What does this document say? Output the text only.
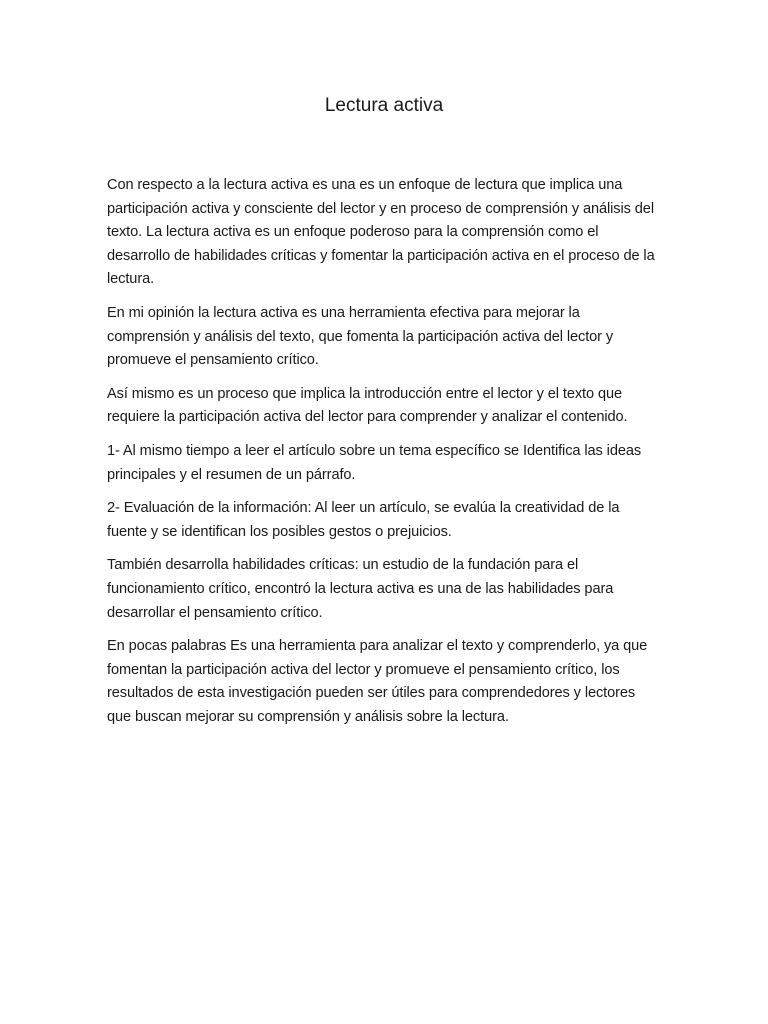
Lectura activa

Con respecto a la lectura activa es una es un enfoque de lectura que implica una participación activa y consciente del lector y en proceso de comprensión y análisis del texto. La lectura activa es un enfoque poderoso para la comprensión como el desarrollo de habilidades críticas y fomentar la participación activa en el proceso de la lectura.

En mi opinión la lectura activa es una herramienta efectiva para mejorar la comprensión y análisis del texto, que fomenta la participación activa del lector y promueve el pensamiento crítico.

Así mismo es un proceso que implica la introducción entre el lector y el texto que requiere la participación activa del lector para comprender y analizar el contenido.

1- Al mismo tiempo a leer el artículo sobre un tema específico se Identifica las ideas principales y el resumen de un párrafo.

2- Evaluación de la información: Al leer un artículo, se evalúa la creatividad de la fuente y se identifican los posibles gestos o prejuicios.

También desarrolla habilidades críticas: un estudio de la fundación para el funcionamiento crítico, encontró la lectura activa es una de las habilidades para desarrollar el pensamiento crítico.

En pocas palabras Es una herramienta para analizar el texto y comprenderlo, ya que fomentan la participación activa del lector y promueve el pensamiento crítico, los resultados de esta investigación pueden ser útiles para comprendedores y lectores que buscan mejorar su comprensión y análisis sobre la lectura.
